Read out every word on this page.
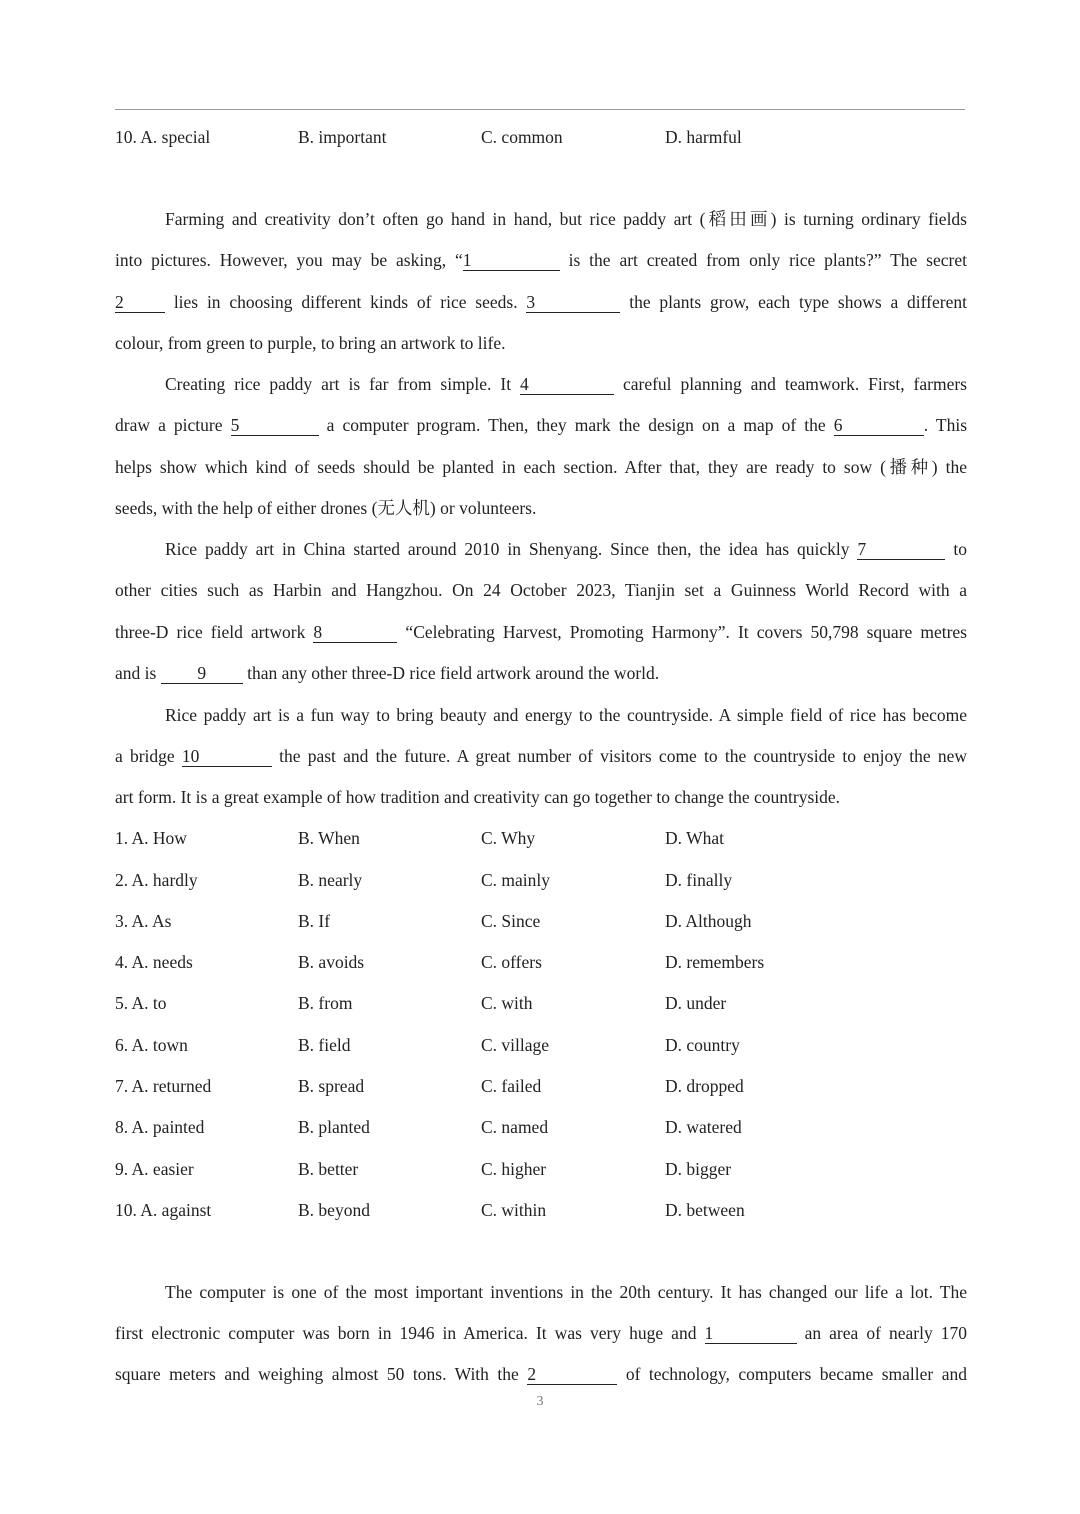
10. A. special	B. important	C. common	D. harmful
Farming and creativity don’t often go hand in hand, but rice paddy art (稻田画) is turning ordinary fields
into pictures. However, you may be asking, “1	is the art created from only rice plants?” The secret
2 lies in choosing different kinds of rice seeds. 3	the plants grow, each type shows a different
colour, from green to purple, to bring an artwork to life.
Creating rice paddy art is far from simple. It 4	careful planning and teamwork. First, farmers
draw a picture 5	a computer program. Then, they mark the design on a map of the 6	. This
helps show which kind of seeds should be planted in each section. After that, they are ready to sow (播种) the
seeds, with the help of either drones (无人机) or volunteers.
Rice paddy art in China started around 2010 in Shenyang. Since then, the idea has quickly 7	to
other cities such as Harbin and Hangzhou. On 24 October 2023, Tianjin set a Guinness World Record with a
three-D rice field artwork 8	“Celebrating Harvest, Promoting Harmony”. It covers 50,798 square metres
and is 9 than any other three-D rice field artwork around the world.
Rice paddy art is a fun way to bring beauty and energy to the countryside. A simple field of rice has become
a bridge 10	the past and the future. A great number of visitors come to the countryside to enjoy the new
art form. It is a great example of how tradition and creativity can go together to change the countryside.
1. A. How	B. When	C. Why	D. What
2. A. hardly	B. nearly	C. mainly	D. finally
3. A. As	B. If	C. Since	D. Although
4. A. needs	B. avoids	C. offers	D. remembers
5. A. to	B. from	C. with	D. under
6. A. town	B. field	C. village	D. country
7. A. returned	B. spread	C. failed	D. dropped
8. A. painted	B. planted	C. named	D. watered
9. A. easier	B. better	C. higher	D. bigger
10. A. against	B. beyond	C. within	D. between
The computer is one of the most important inventions in the 20th century. It has changed our life a lot. The
first electronic computer was born in 1946 in America. It was very huge and 1	an area of nearly 170
square meters and weighing almost 50 tons. With the 2	of technology, computers became smaller and
3
